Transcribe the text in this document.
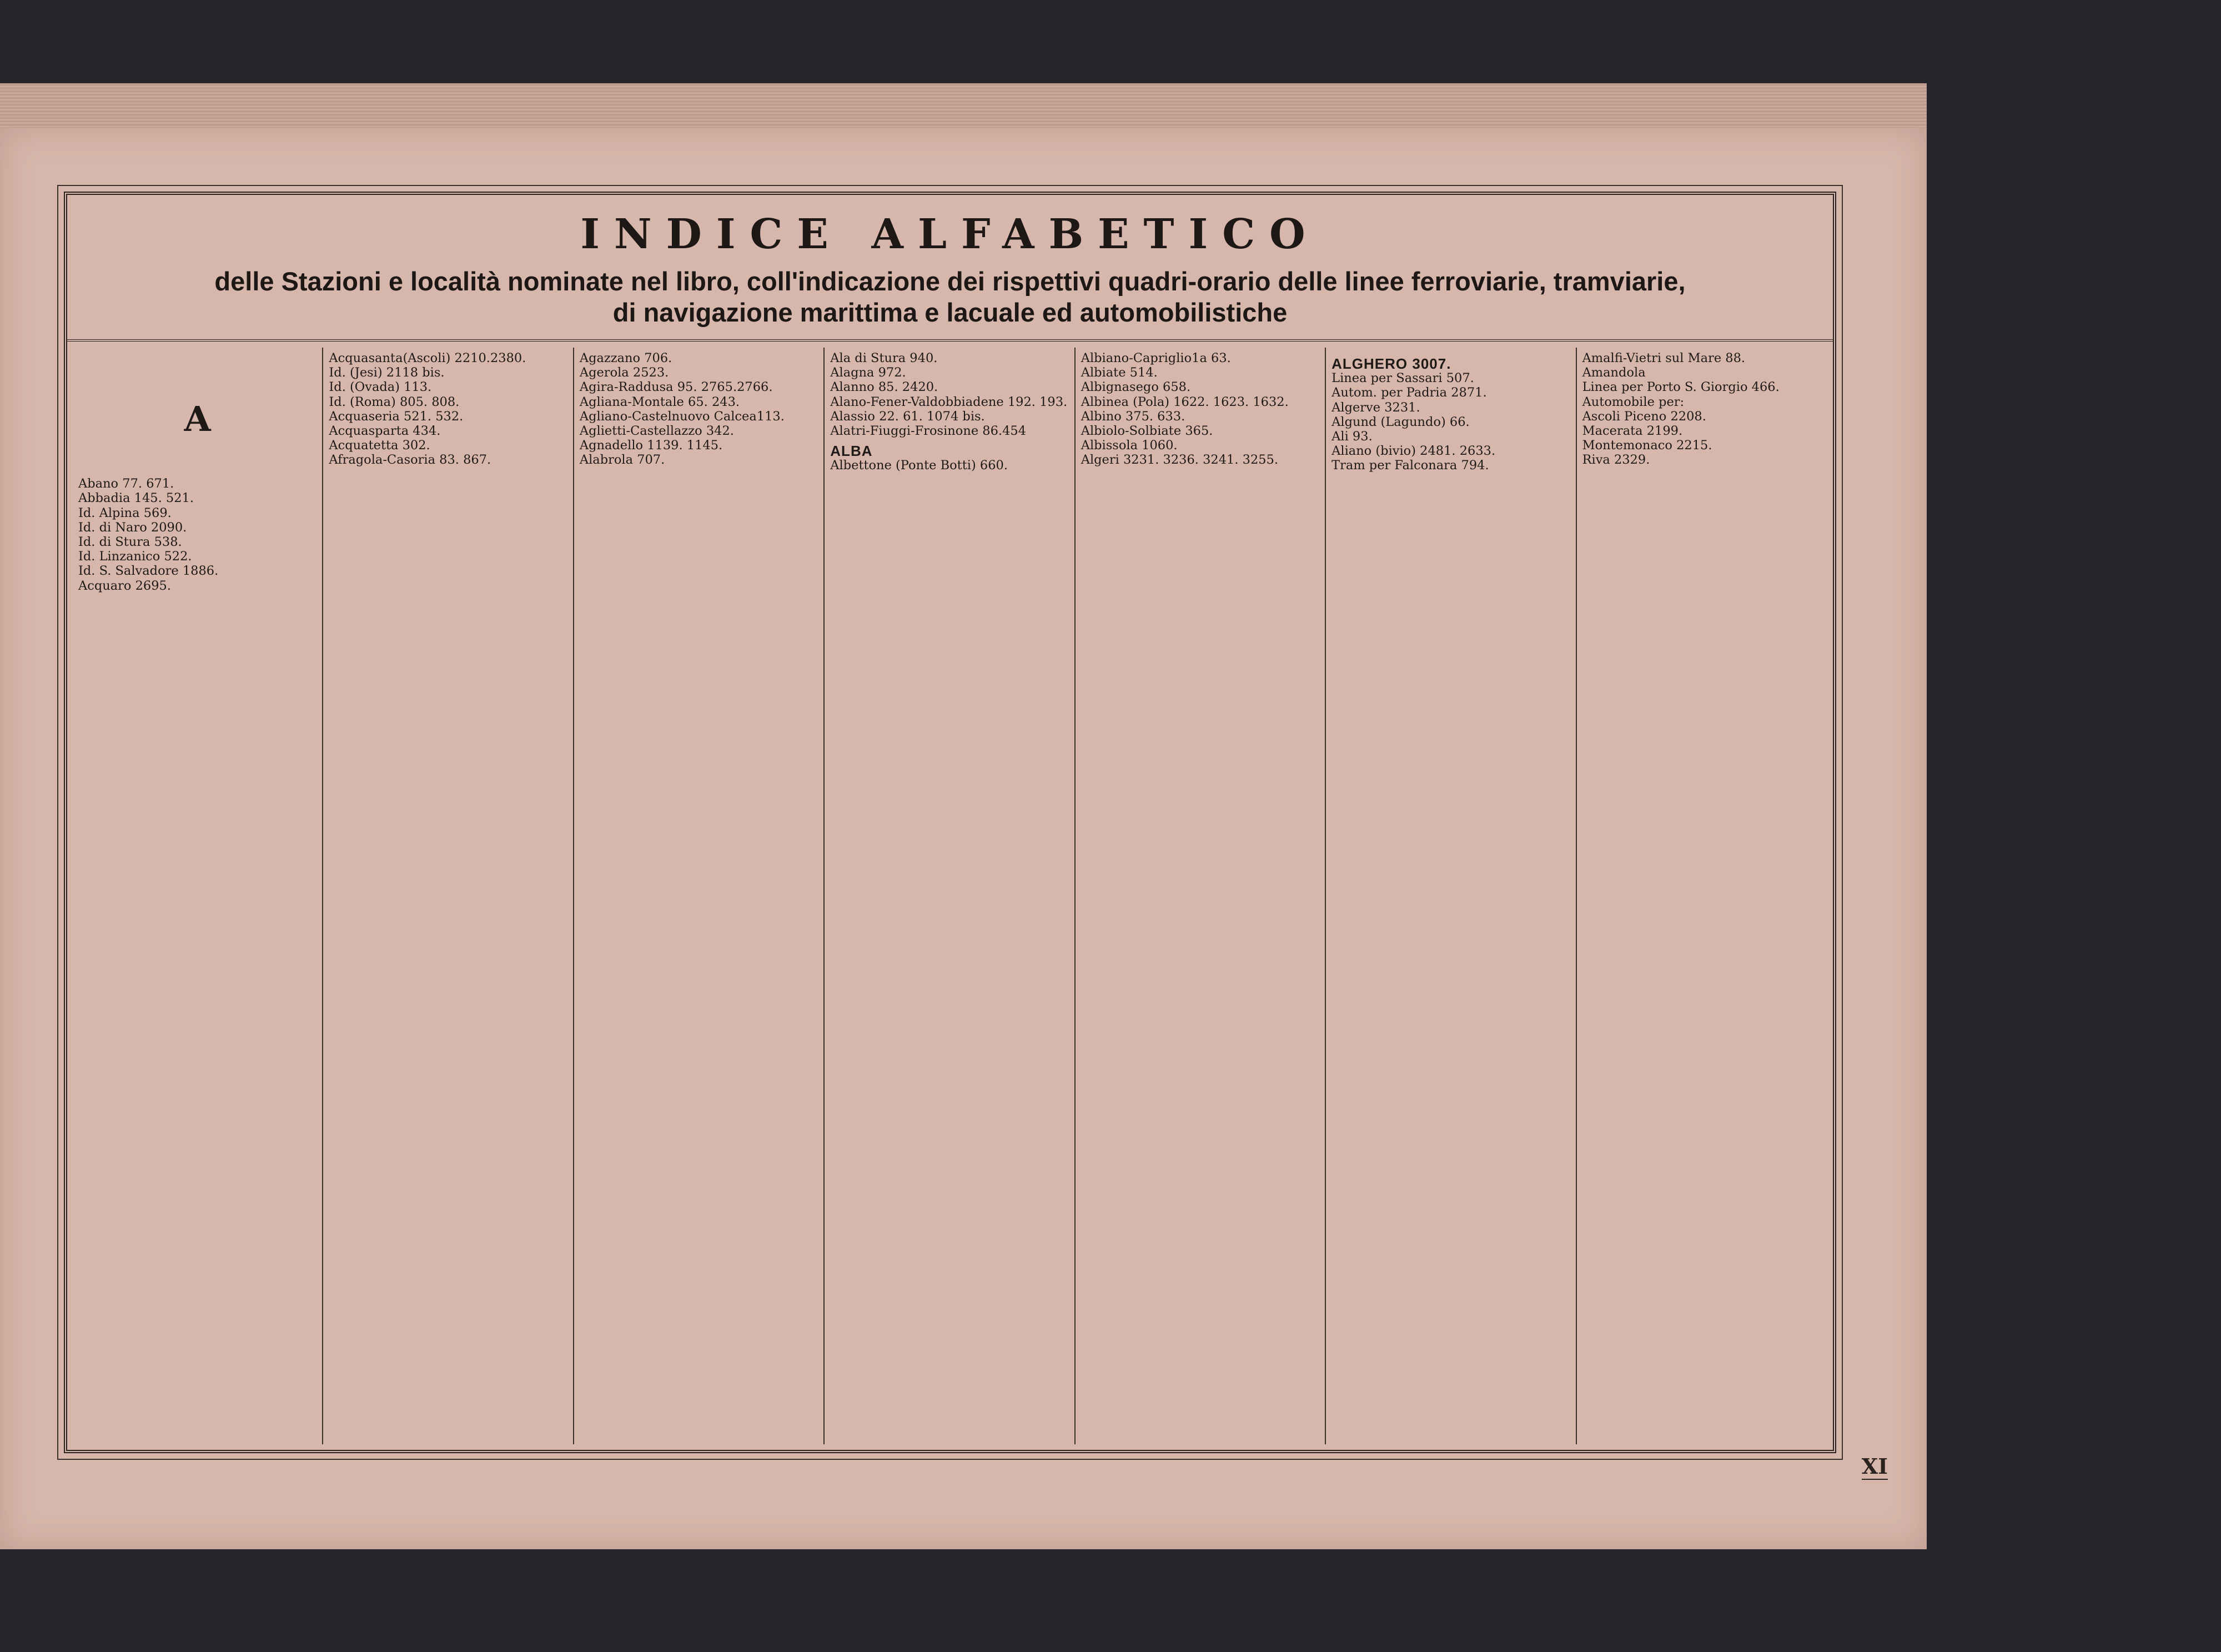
INDICE ALFABETICO
delle Stazioni e località nominate nel libro, coll'indicazione dei rispettivi quadri-orario delle linee ferroviarie, tramviarie,
di navigazione marittima e lacuale ed automobilistiche
A
Abano 77. 671.
Abbadia 145. 521.
Id. Alpina 569.
Id. di Naro 2090.
Id. di Stura 538.
Id. Linzanico 522.
Id. S. Salvadore 1886.
Acquaro 2695.
Acquasanta(Ascoli) 2210.2380.
Id. (Jesi) 2118 bis.
Id. (Ovada) 113.
Id. (Roma) 805. 808.
Acquaseria 521. 532.
Acquasparta 434.
Acquatetta 302.
Afragola-Casoria 83. 867.
Agazzano 706.
Agerola 2523.
Agira-Raddusa 95. 2765.2766.
Agliana-Montale 65. 243.
Agliano-Castelnuovo Calcea113.
Aglietti-Castellazzo 342.
Agnadello 1139. 1145.
Alabrola 707.
Ala di Stura 940.
Alagna 972.
Alanno 85. 2420.
Alano-Fener-Valdobbiadene 192. 193.
Alassio 22. 61. 1074 bis.
Alatri-Fiuggi-Frosinone 86.454
ALBA
Albettone (Ponte Botti) 660.
Albiano-Capriglio1a 63.
Albiate 514.
Albignasego 658.
Albinea (Pola) 1622. 1623. 1632.
Albino 375. 633.
Albiolo-Solbiate 365.
Albissola 1060.
Algeri 3231. 3236. 3241. 3255.
ALGHERO 3007.
Linea per Sassari 507.
Autom. per Padria 2871.
Algerve 3231.
Algund (Lagundo) 66.
Ali 93.
Aliano (bivio) 2481. 2633.
Tram per Falconara 794.
Amalfi-Vietri sul Mare 88.
Amandola
Linea per Porto S. Giorgio 466.
Automobile per:
Ascoli Piceno 2208.
Macerata 2199.
Montemonaco 2215.
Riva 2329.
XI
